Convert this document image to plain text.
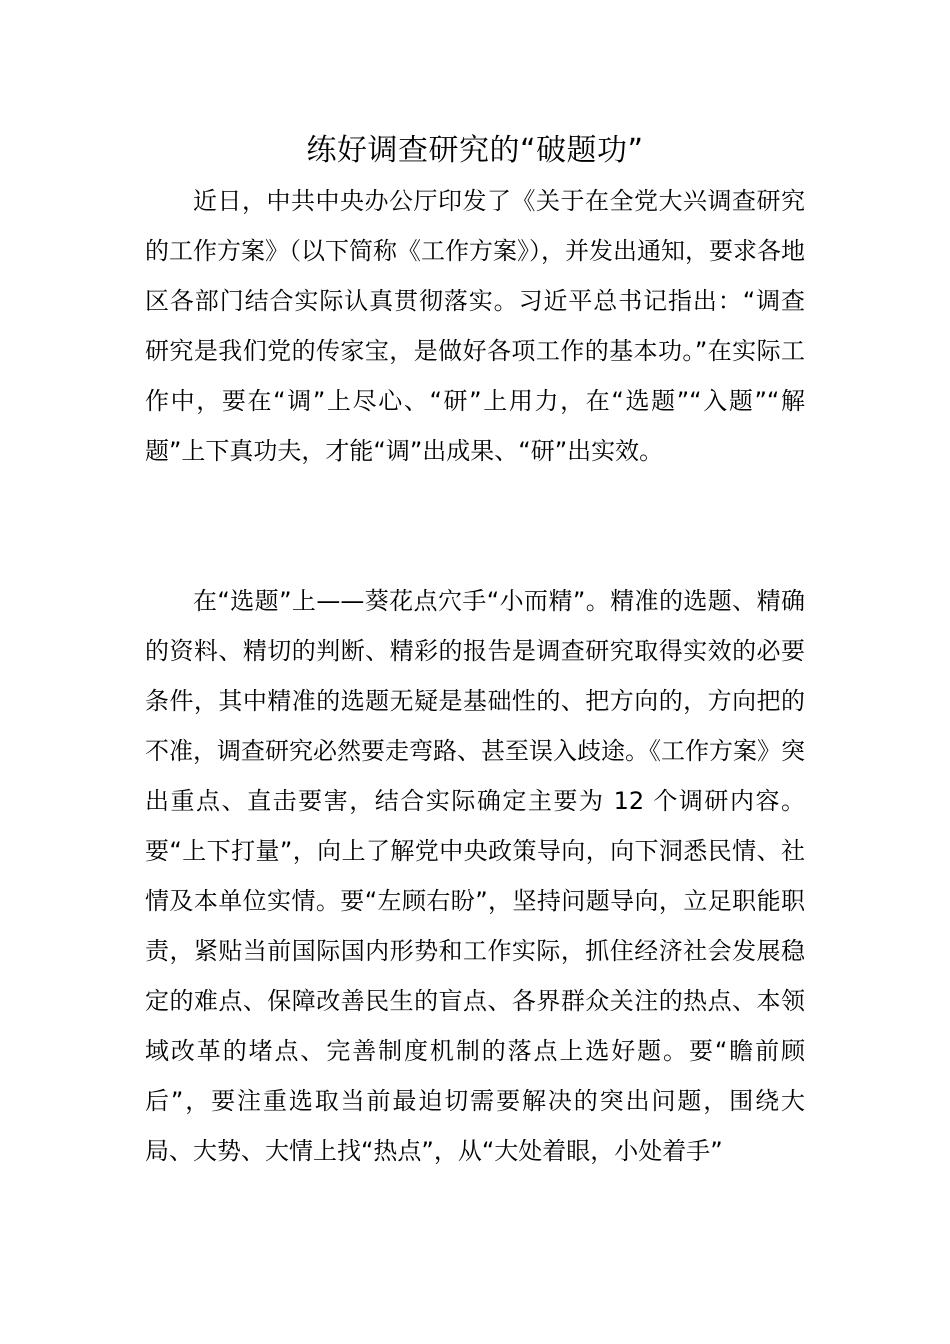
练好调查研究的“破题功”

近日，中共中央办公厅印发了《关于在全党大兴调查研究的工作方案》（以下简称《工作方案》），并发出通知，要求各地区各部门结合实际认真贯彻落实。习近平总书记指出：“调查研究是我们党的传家宝，是做好各项工作的基本功。”在实际工作中，要在“调”上尽心、“研”上用力，在“选题”“入题”“解题”上下真功夫，才能“调”出成果、“研”出实效。

在“选题”上——葵花点穴手“小而精”。精准的选题、精确的资料、精切的判断、精彩的报告是调查研究取得实效的必要条件，其中精准的选题无疑是基础性的、把方向的，方向把的不准，调查研究必然要走弯路、甚至误入歧途。《工作方案》突出重点、直击要害，结合实际确定主要为 12 个调研内容。要“上下打量”，向上了解党中央政策导向，向下洞悉民情、社情及本单位实情。要“左顾右盼”，坚持问题导向，立足职能职责，紧贴当前国际国内形势和工作实际，抓住经济社会发展稳定的难点、保障改善民生的盲点、各界群众关注的热点、本领域改革的堵点、完善制度机制的落点上选好题。要“瞻前顾后”，要注重选取当前最迫切需要解决的突出问题，围绕大局、大势、大情上找“热点”，从“大处着眼，小处着手”
